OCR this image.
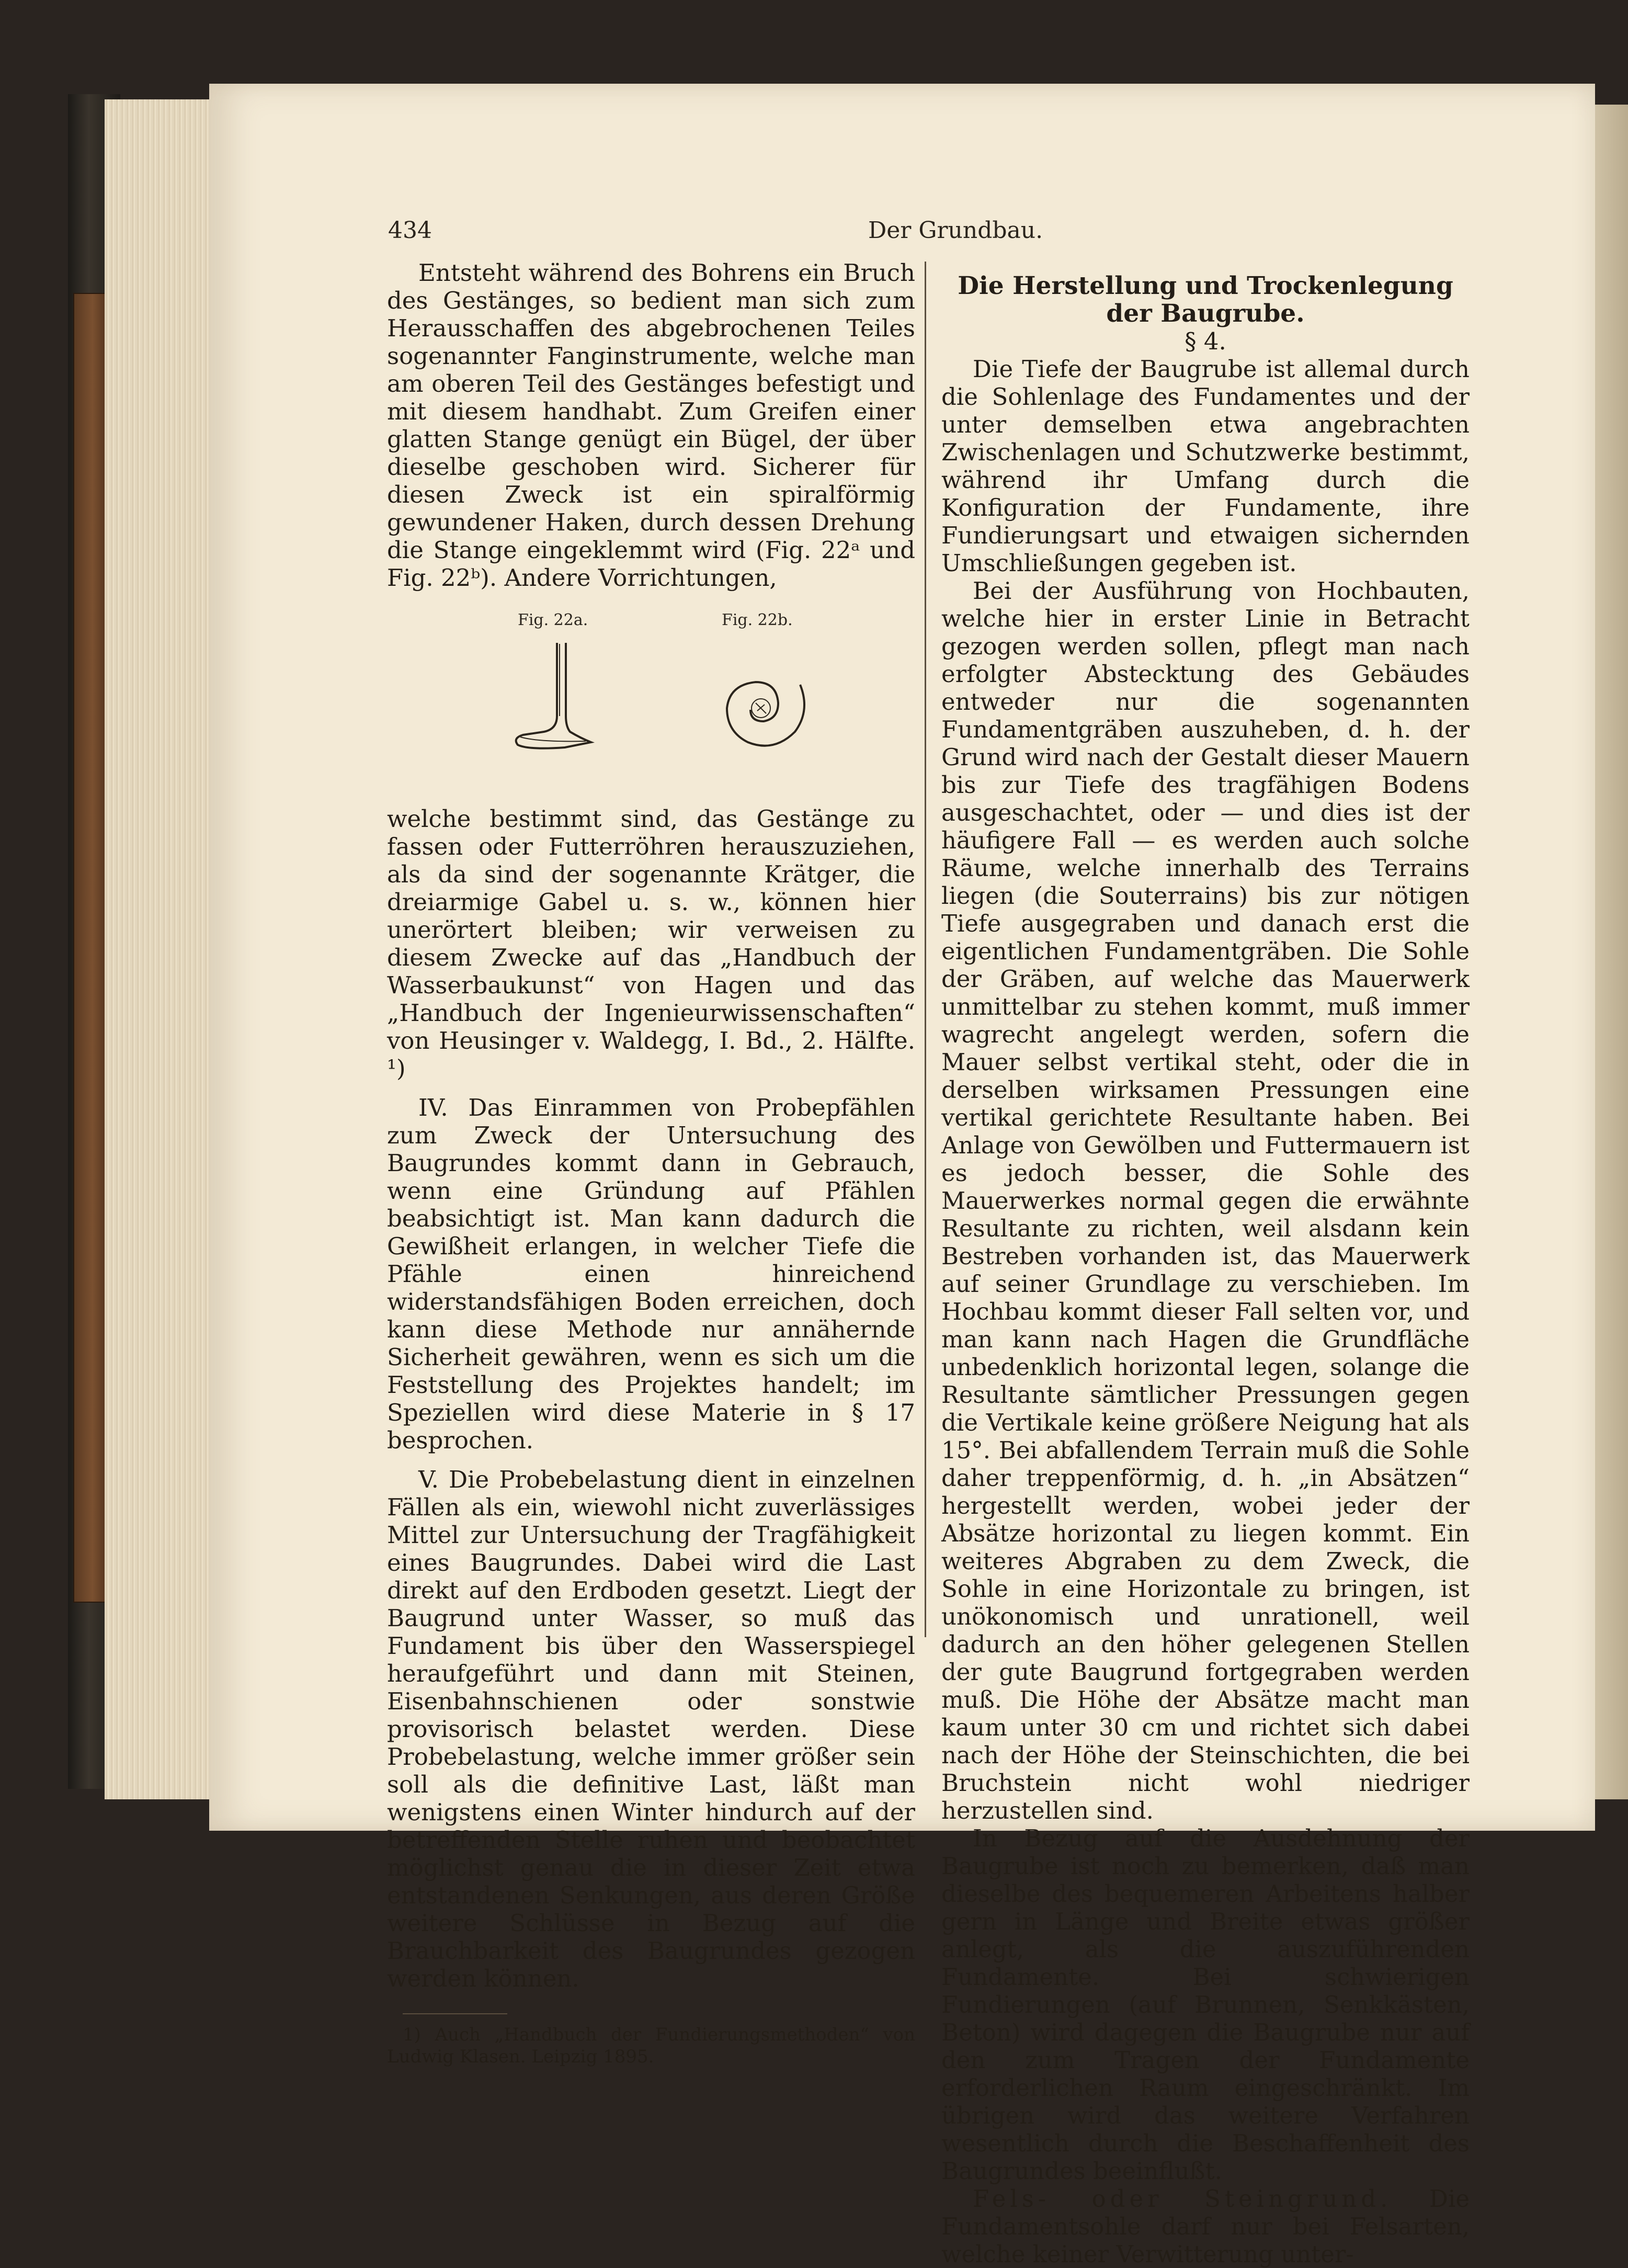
434	Der Grundbau.

Entsteht während des Bohrens ein Bruch des Gestänges, so bedient man sich zum Herausschaffen des abgebrochenen Teiles sogenannter Fanginstrumente, welche man am oberen Teil des Gestänges befestigt und mit diesem handhabt. Zum Greifen einer glatten Stange genügt ein Bügel, der über dieselbe geschoben wird. Sicherer für diesen Zweck ist ein spiralförmig gewundener Haken, durch dessen Drehung die Stange eingeklemmt wird (Fig. 22ᵃ und Fig. 22ᵇ). Andere Vorrichtungen,

Fig. 22a.	Fig. 22b.

welche bestimmt sind, das Gestänge zu fassen oder Futterröhren herauszuziehen, als da sind der sogenannte Krätger, die dreiarmige Gabel u. s. w., können hier unerörtert bleiben; wir verweisen zu diesem Zwecke auf das „Handbuch der Wasserbaukunst“ von Hagen und das „Handbuch der Ingenieurwissenschaften“ von Heusinger v. Waldegg, I. Bd., 2. Hälfte. ¹)

IV. Das Einrammen von Probepfählen zum Zweck der Untersuchung des Baugrundes kommt dann in Gebrauch, wenn eine Gründung auf Pfählen beabsichtigt ist. Man kann dadurch die Gewißheit erlangen, in welcher Tiefe die Pfähle einen hinreichend widerstandsfähigen Boden erreichen, doch kann diese Methode nur annähernde Sicherheit gewähren, wenn es sich um die Feststellung des Projektes handelt; im Speziellen wird diese Materie in § 17 besprochen.

V. Die Probebelastung dient in einzelnen Fällen als ein, wiewohl nicht zuverlässiges Mittel zur Untersuchung der Tragfähigkeit eines Baugrundes. Dabei wird die Last direkt auf den Erdboden gesetzt. Liegt der Baugrund unter Wasser, so muß das Fundament bis über den Wasserspiegel heraufgeführt und dann mit Steinen, Eisenbahnschienen oder sonstwie provisorisch belastet werden. Diese Probebelastung, welche immer größer sein soll als die definitive Last, läßt man wenigstens einen Winter hindurch auf der betreffenden Stelle ruhen und beobachtet möglichst genau die in dieser Zeit etwa entstandenen Senkungen, aus deren Größe weitere Schlüsse in Bezug auf die Brauchbarkeit des Baugrundes gezogen werden können.

1) Auch „Handbuch der Fundierungsmethoden“ von Ludwig Klasen. Leipzig 1895.

Die Herstellung und Trockenlegung der Baugrube.

§ 4.

Die Tiefe der Baugrube ist allemal durch die Sohlenlage des Fundamentes und der unter demselben etwa angebrachten Zwischenlagen und Schutzwerke bestimmt, während ihr Umfang durch die Konfiguration der Fundamente, ihre Fundierungsart und etwaigen sichernden Umschließungen gegeben ist.

Bei der Ausführung von Hochbauten, welche hier in erster Linie in Betracht gezogen werden sollen, pflegt man nach erfolgter Abstecktung des Gebäudes entweder nur die sogenannten Fundamentgräben auszuheben, d. h. der Grund wird nach der Gestalt dieser Mauern bis zur Tiefe des tragfähigen Bodens ausgeschachtet, oder — und dies ist der häufigere Fall — es werden auch solche Räume, welche innerhalb des Terrains liegen (die Souterrains) bis zur nötigen Tiefe ausgegraben und danach erst die eigentlichen Fundamentgräben. Die Sohle der Gräben, auf welche das Mauerwerk unmittelbar zu stehen kommt, muß immer wagrecht angelegt werden, sofern die Mauer selbst vertikal steht, oder die in derselben wirksamen Pressungen eine vertikal gerichtete Resultante haben. Bei Anlage von Gewölben und Futtermauern ist es jedoch besser, die Sohle des Mauerwerkes normal gegen die erwähnte Resultante zu richten, weil alsdann kein Bestreben vorhanden ist, das Mauerwerk auf seiner Grundlage zu verschieben. Im Hochbau kommt dieser Fall selten vor, und man kann nach Hagen die Grundfläche unbedenklich horizontal legen, solange die Resultante sämtlicher Pressungen gegen die Vertikale keine größere Neigung hat als 15°. Bei abfallendem Terrain muß die Sohle daher treppenförmig, d. h. „in Absätzen“ hergestellt werden, wobei jeder der Absätze horizontal zu liegen kommt. Ein weiteres Abgraben zu dem Zweck, die Sohle in eine Horizontale zu bringen, ist unökonomisch und unrationell, weil dadurch an den höher gelegenen Stellen der gute Baugrund fortgegraben werden muß. Die Höhe der Absätze macht man kaum unter 30 cm und richtet sich dabei nach der Höhe der Steinschichten, die bei Bruchstein nicht wohl niedriger herzustellen sind.

In Bezug auf die Ausdehnung der Baugrube ist noch zu bemerken, daß man dieselbe des bequemeren Arbeitens halber gern in Länge und Breite etwas größer anlegt, als die auszuführenden Fundamente. Bei schwierigen Fundierungen (auf Brunnen, Senkkästen, Beton) wird dagegen die Baugrube nur auf den zum Tragen der Fundamente erforderlichen Raum eingeschränkt. Im übrigen wird das weitere Verfahren wesentlich durch die Beschaffenheit des Baugrundes beeinflußt.

Fels- oder Steingrund. Die Fundamentsohle darf nur bei Felsarten, welche keiner Verwitterung unter-
